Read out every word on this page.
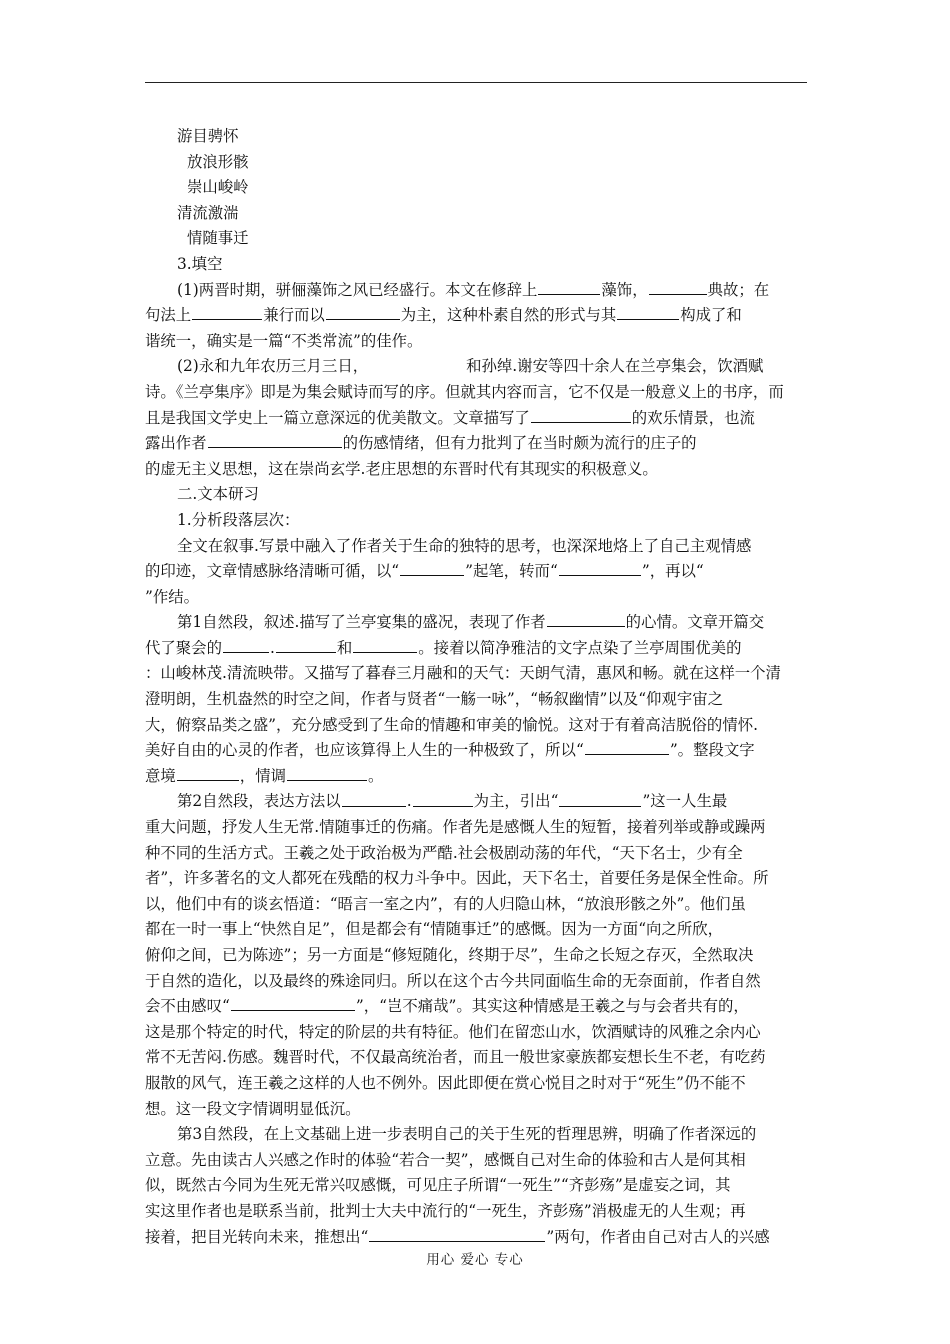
游目骋怀
放浪形骸
崇山峻岭
清流激湍
情随事迁
3.填空
(1)两晋时期，骈俪藻饰之风已经盛行。本文在修辞上	藻饰，	典故；在
句法上	兼行而以	为主，这种朴素自然的形式与其	构成了和
谐统一，确实是一篇“不类常流”的佳作。
(2)永和九年农历三月三日，	和孙绰.谢安等四十余人在兰亭集会，饮酒赋
诗。《兰亭集序》即是为集会赋诗而写的序。但就其内容而言，它不仅是一般意义上的书序，而
且是我国文学史上一篇立意深远的优美散文。文章描写了	的欢乐情景，也流
露出作者	的伤感情绪，但有力批判了在当时颇为流行的庄子的
的虚无主义思想，这在崇尚玄学.老庄思想的东晋时代有其现实的积极意义。
二.文本研习
1.分析段落层次：
全文在叙事.写景中融入了作者关于生命的独特的思考，也深深地烙上了自己主观情感
的印迹，文章情感脉络清晰可循，以“	”起笔，转而“	”，再以“
”作结。
第1自然段，叙述.描写了兰亭宴集的盛况，表现了作者	的心情。文章开篇交
代了聚会的	.	和	。接着以简净雅洁的文字点染了兰亭周围优美的
：山峻林茂.清流映带。又描写了暮春三月融和的天气：天朗气清，惠风和畅。就在这样一个清
澄明朗，生机盎然的时空之间，作者与贤者“一觞一咏”，“畅叙幽情”以及“仰观宇宙之
大，俯察品类之盛”，充分感受到了生命的情趣和审美的愉悦。这对于有着高洁脱俗的情怀.
美好自由的心灵的作者，也应该算得上人生的一种极致了，所以“	”。整段文字
意境	，情调	。
第2自然段，表达方法以	.	为主，引出“	”这一人生最
重大问题，抒发人生无常.情随事迁的伤痛。作者先是感慨人生的短暂，接着列举或静或躁两
种不同的生活方式。王羲之处于政治极为严酷.社会极剧动荡的年代，“天下名士，少有全
者”，许多著名的文人都死在残酷的权力斗争中。因此，天下名士，首要任务是保全性命。所
以，他们中有的谈玄悟道：“晤言一室之内”，有的人归隐山林，“放浪形骸之外”。他们虽
都在一时一事上“快然自足”，但是都会有“情随事迁”的感慨。因为一方面“向之所欣，
俯仰之间，已为陈迹”；另一方面是“修短随化，终期于尽”，生命之长短之存灭，全然取决
于自然的造化，以及最终的殊途同归。所以在这个古今共同面临生命的无奈面前，作者自然
会不由感叹“	”，“岂不痛哉”。其实这种情感是王羲之与与会者共有的，
这是那个特定的时代，特定的阶层的共有特征。他们在留恋山水，饮酒赋诗的风雅之余内心
常不无苦闷.伤感。魏晋时代，不仅最高统治者，而且一般世家豪族都妄想长生不老，有吃药
服散的风气，连王羲之这样的人也不例外。因此即便在赏心悦目之时对于“死生”仍不能不
想。这一段文字情调明显低沉。
第3自然段，在上文基础上进一步表明自己的关于生死的哲理思辨，明确了作者深远的
立意。先由读古人兴感之作时的体验“若合一契”，感慨自己对生命的体验和古人是何其相
似，既然古今同为生死无常兴叹感慨，可见庄子所谓“一死生”“齐彭殇”是虚妄之词，其
实这里作者也是联系当前，批判士大夫中流行的“一死生，齐彭殇”消极虚无的人生观；再
接着，把目光转向未来，推想出“	”两句，作者由自己对古人的兴感
用心 爱心 专心
